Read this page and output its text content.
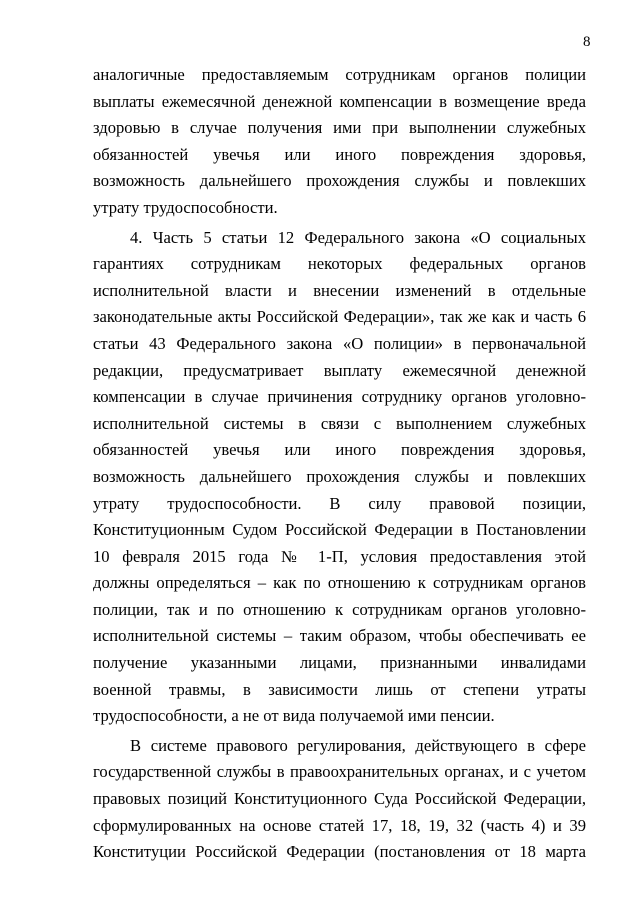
8
аналогичные предоставляемым сотрудникам органов полиции
выплаты ежемесячной денежной компенсации в возмещение вреда
здоровью в случае получения ими при выполнении служебных
обязанностей увечья или иного повреждения здоровья,
возможность дальнейшего прохождения службы и повлекших
утрату трудоспособности.
4. Часть 5 статьи 12 Федерального закона «О социальных
гарантиях сотрудникам некоторых федеральных органов
исполнительной власти и внесении изменений в отдельные
законодательные акты Российской Федерации», так же как и часть 6
статьи 43 Федерального закона «О полиции» в первоначальной
редакции, предусматривает выплату ежемесячной денежной
компенсации в случае причинения сотруднику органов уголовно-
исполнительной системы в связи с выполнением служебных
обязанностей увечья или иного повреждения здоровья,
возможность дальнейшего прохождения службы и повлекших
утрату трудоспособности. В силу правовой позиции,
Конституционным Судом Российской Федерации в Постановлении
10 февраля 2015 года № 1-П, условия предоставления этой
должны определяться – как по отношению к сотрудникам органов
полиции, так и по отношению к сотрудникам органов уголовно-
исполнительной системы – таким образом, чтобы обеспечивать ее
получение указанными лицами, признанными инвалидами
военной травмы, в зависимости лишь от степени утраты
трудоспособности, а не от вида получаемой ими пенсии.
В системе правового регулирования, действующего в сфере
государственной службы в правоохранительных органах, и с учетом
правовых позиций Конституционного Суда Российской Федерации,
сформулированных на основе статей 17, 18, 19, 32 (часть 4) и 39
Конституции Российской Федерации (постановления от 18 марта
